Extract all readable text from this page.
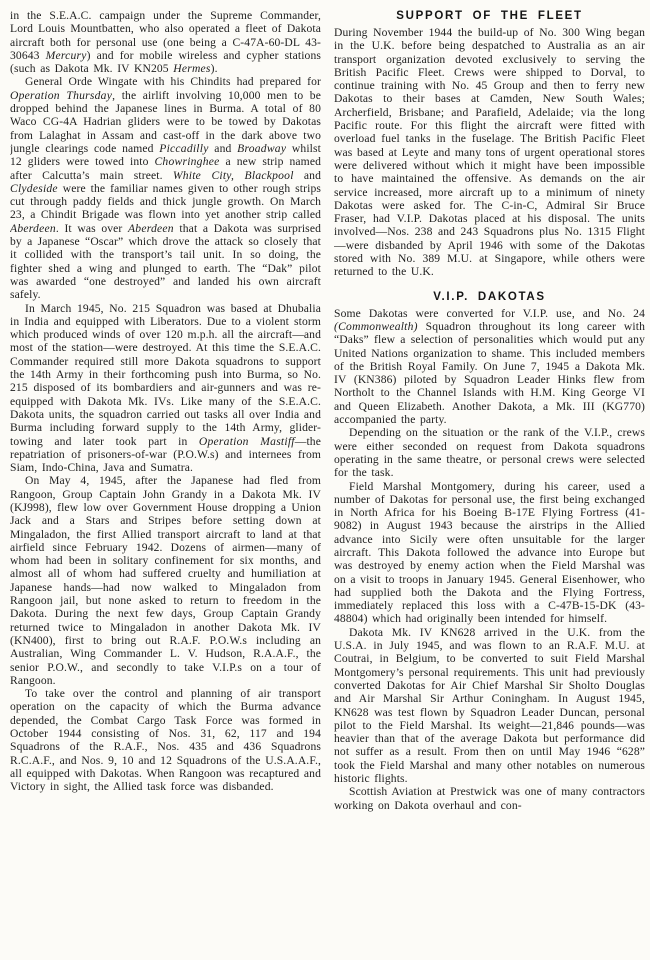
in the S.E.A.C. campaign under the Supreme Commander, Lord Louis Mountbatten, who also operated a fleet of Dakota aircraft both for personal use (one being a C-47A-60-DL 43-30643 Mercury) and for mobile wireless and cypher stations (such as Dakota Mk. IV KN205 Hermes).

General Orde Wingate with his Chindits had prepared for Operation Thursday, the airlift involving 10,000 men to be dropped behind the Japanese lines in Burma. A total of 80 Waco CG-4A Hadrian gliders were to be towed by Dakotas from Lalaghat in Assam and cast-off in the dark above two jungle clearings code named Piccadilly and Broadway whilst 12 gliders were towed into Chowringhee a new strip named after Calcutta’s main street. White City, Blackpool and Clydeside were the familiar names given to other rough strips cut through paddy fields and thick jungle growth. On March 23, a Chindit Brigade was flown into yet another strip called Aberdeen. It was over Aberdeen that a Dakota was surprised by a Japanese “Oscar” which drove the attack so closely that it collided with the transport’s tail unit. In so doing, the fighter shed a wing and plunged to earth. The “Dak” pilot was awarded “one destroyed” and landed his own aircraft safely.

In March 1945, No. 215 Squadron was based at Dhubalia in India and equipped with Liberators. Due to a violent storm which produced winds of over 120 m.p.h. all the aircraft—and most of the station—were destroyed. At this time the S.E.A.C. Commander required still more Dakota squadrons to support the 14th Army in their forthcoming push into Burma, so No. 215 disposed of its bombardiers and air-gunners and was re-equipped with Dakota Mk. IVs. Like many of the S.E.A.C. Dakota units, the squadron carried out tasks all over India and Burma including forward supply to the 14th Army, glider-towing and later took part in Operation Mastiff—the repatriation of prisoners-of-war (P.O.W.s) and internees from Siam, Indo-China, Java and Sumatra.

On May 4, 1945, after the Japanese had fled from Rangoon, Group Captain John Grandy in a Dakota Mk. IV (KJ998), flew low over Government House dropping a Union Jack and a Stars and Stripes before setting down at Mingaladon, the first Allied transport aircraft to land at that airfield since February 1942. Dozens of airmen—many of whom had been in solitary confinement for six months, and almost all of whom had suffered cruelty and humiliation at Japanese hands—had now walked to Mingaladon from Rangoon jail, but none asked to return to freedom in the Dakota. During the next few days, Group Captain Grandy returned twice to Mingaladon in another Dakota Mk. IV (KN400), first to bring out R.A.F. P.O.W.s including an Australian, Wing Commander L. V. Hudson, R.A.A.F., the senior P.O.W., and secondly to take V.I.P.s on a tour of Rangoon.

To take over the control and planning of air transport operation on the capacity of which the Burma advance depended, the Combat Cargo Task Force was formed in October 1944 consisting of Nos. 31, 62, 117 and 194 Squadrons of the R.A.F., Nos. 435 and 436 Squadrons R.C.A.F., and Nos. 9, 10 and 12 Squadrons of the U.S.A.A.F., all equipped with Dakotas. When Rangoon was recaptured and Victory in sight, the Allied task force was disbanded.

SUPPORT OF THE FLEET

During November 1944 the build-up of No. 300 Wing began in the U.K. before being despatched to Australia as an air transport organization devoted exclusively to serving the British Pacific Fleet. Crews were shipped to Dorval, to continue training with No. 45 Group and then to ferry new Dakotas to their bases at Camden, New South Wales; Archerfield, Brisbane; and Parafield, Adelaide; via the long Pacific route. For this flight the aircraft were fitted with overload fuel tanks in the fuselage. The British Pacific Fleet was based at Leyte and many tons of urgent operational stores were delivered without which it might have been impossible to have maintained the offensive. As demands on the air service increased, more aircraft up to a minimum of ninety Dakotas were asked for. The C-in-C, Admiral Sir Bruce Fraser, had V.I.P. Dakotas placed at his disposal. The units involved—Nos. 238 and 243 Squadrons plus No. 1315 Flight—were disbanded by April 1946 with some of the Dakotas stored with No. 389 M.U. at Singapore, while others were returned to the U.K.

V.I.P. DAKOTAS

Some Dakotas were converted for V.I.P. use, and No. 24 (Commonwealth) Squadron throughout its long career with “Daks” flew a selection of personalities which would put any United Nations organization to shame. This included members of the British Royal Family. On June 7, 1945 a Dakota Mk. IV (KN386) piloted by Squadron Leader Hinks flew from Northolt to the Channel Islands with H.M. King George VI and Queen Elizabeth. Another Dakota, a Mk. III (KG770) accompanied the party.

Depending on the situation or the rank of the V.I.P., crews were either seconded on request from Dakota squadrons operating in the same theatre, or personal crews were selected for the task.

Field Marshal Montgomery, during his career, used a number of Dakotas for personal use, the first being exchanged in North Africa for his Boeing B-17E Flying Fortress (41-9082) in August 1943 because the airstrips in the Allied advance into Sicily were often unsuitable for the larger aircraft. This Dakota followed the advance into Europe but was destroyed by enemy action when the Field Marshal was on a visit to troops in January 1945. General Eisenhower, who had supplied both the Dakota and the Flying Fortress, immediately replaced this loss with a C-47B-15-DK (43-48804) which had originally been intended for himself.

Dakota Mk. IV KN628 arrived in the U.K. from the U.S.A. in July 1945, and was flown to an R.A.F. M.U. at Coutrai, in Belgium, to be converted to suit Field Marshal Montgomery’s personal requirements. This unit had previously converted Dakotas for Air Chief Marshal Sir Sholto Douglas and Air Marshal Sir Arthur Coningham. In August 1945, KN628 was test flown by Squadron Leader Duncan, personal pilot to the Field Marshal. Its weight—21,846 pounds—was heavier than that of the average Dakota but performance did not suffer as a result. From then on until May 1946 “628” took the Field Marshal and many other notables on numerous historic flights.

Scottish Aviation at Prestwick was one of many contractors working on Dakota overhaul and con-
